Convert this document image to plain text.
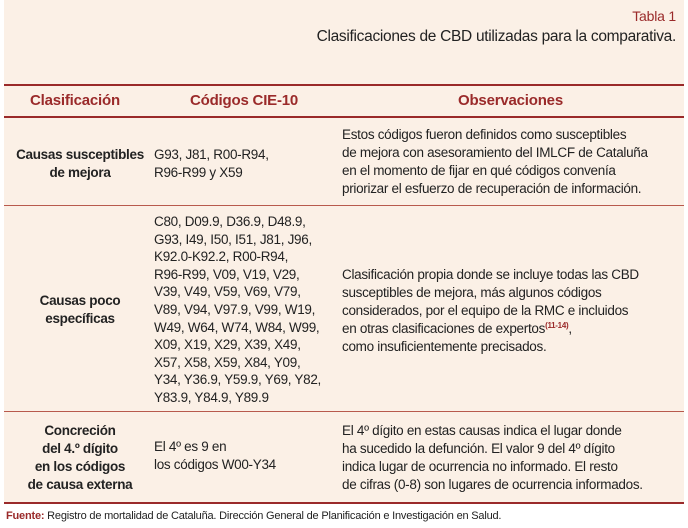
Tabla 1
Clasificaciones de CBD utilizadas para la comparativa.
Clasificación	Códigos CIE-10	Observaciones
Causas susceptibles
de mejora
G93, J81, R00-R94,
R96-R99 y X59
Estos códigos fueron definidos como susceptibles
de mejora con asesoramiento del IMLCF de Cataluña
en el momento de fijar en qué códigos convenía
priorizar el esfuerzo de recuperación de información.
Causas poco
específicas
C80, D09.9, D36.9, D48.9,
G93, I49, I50, I51, J81, J96,
K92.0-K92.2, R00-R94,
R96-R99, V09, V19, V29,
V39, V49, V59, V69, V79,
V89, V94, V97.9, V99, W19,
W49, W64, W74, W84, W99,
X09, X19, X29, X39, X49,
X57, X58, X59, X84, Y09,
Y34, Y36.9, Y59.9, Y69, Y82,
Y83.9, Y84.9, Y89.9
Clasificación propia donde se incluye todas las CBD
susceptibles de mejora, más algunos códigos
considerados, por el equipo de la RMC e incluidos
en otras clasificaciones de expertos$^{(11-14)}$,
como insuficientemente precisados.
Concreción
del 4.º dígito
en los códigos
de causa externa
El 4º es 9 en
los códigos W00-Y34
El 4º dígito en estas causas indica el lugar donde
ha sucedido la defunción. El valor 9 del 4º dígito
indica lugar de ocurrencia no informado. El resto
de cifras (0-8) son lugares de ocurrencia informados.
Fuente: Registro de mortalidad de Cataluña. Dirección General de Planificación e Investigación en Salud.
